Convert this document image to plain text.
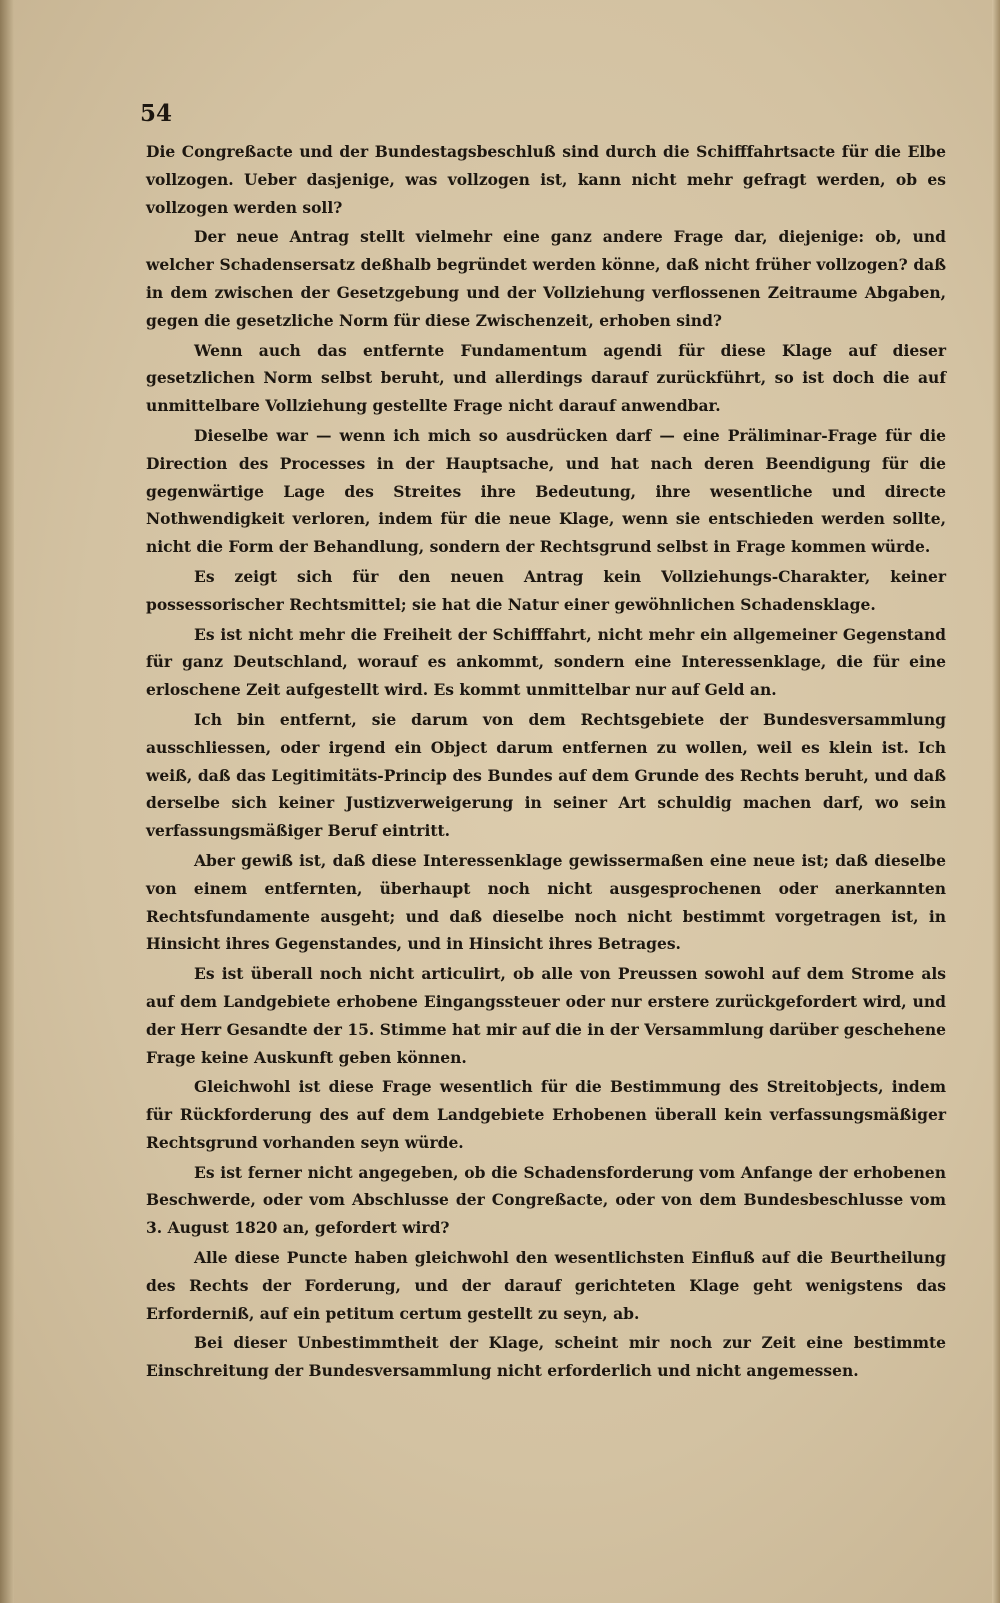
54

Die Congreßacte und der Bundestagsbeschluß sind durch die Schifffahrtsacte für die Elbe vollzogen. Ueber dasjenige, was vollzogen ist, kann nicht mehr gefragt werden, ob es vollzogen werden soll?

Der neue Antrag stellt vielmehr eine ganz andere Frage dar, diejenige: ob, und welcher Schadensersatz deßhalb begründet werden könne, daß nicht früher vollzogen? daß in dem zwischen der Gesetzgebung und der Vollziehung verflossenen Zeitraume Abgaben, gegen die gesetzliche Norm für diese Zwischenzeit, erhoben sind?

Wenn auch das entfernte Fundamentum agendi für diese Klage auf dieser gesetzlichen Norm selbst beruht, und allerdings darauf zurückführt, so ist doch die auf unmittelbare Vollziehung gestellte Frage nicht darauf anwendbar.

Dieselbe war — wenn ich mich so ausdrücken darf — eine Präliminar-Frage für die Direction des Processes in der Hauptsache, und hat nach deren Beendigung für die gegenwärtige Lage des Streites ihre Bedeutung, ihre wesentliche und directe Nothwendigkeit verloren, indem für die neue Klage, wenn sie entschieden werden sollte, nicht die Form der Behandlung, sondern der Rechtsgrund selbst in Frage kommen würde.

Es zeigt sich für den neuen Antrag kein Vollziehungs-Charakter, keiner possessorischer Rechtsmittel; sie hat die Natur einer gewöhnlichen Schadensklage.

Es ist nicht mehr die Freiheit der Schifffahrt, nicht mehr ein allgemeiner Gegenstand für ganz Deutschland, worauf es ankommt, sondern eine Interessenklage, die für eine erloschene Zeit aufgestellt wird. Es kommt unmittelbar nur auf Geld an.

Ich bin entfernt, sie darum von dem Rechtsgebiete der Bundesversammlung ausschliessen, oder irgend ein Object darum entfernen zu wollen, weil es klein ist. Ich weiß, daß das Legitimitäts-Princip des Bundes auf dem Grunde des Rechts beruht, und daß derselbe sich keiner Justizverweigerung in seiner Art schuldig machen darf, wo sein verfassungsmäßiger Beruf eintritt.

Aber gewiß ist, daß diese Interessenklage gewissermaßen eine neue ist; daß dieselbe von einem entfernten, überhaupt noch nicht ausgesprochenen oder anerkannten Rechtsfundamente ausgeht; und daß dieselbe noch nicht bestimmt vorgetragen ist, in Hinsicht ihres Gegenstandes, und in Hinsicht ihres Betrages.

Es ist überall noch nicht articulirt, ob alle von Preussen sowohl auf dem Strome als auf dem Landgebiete erhobene Eingangssteuer oder nur erstere zurückgefordert wird, und der Herr Gesandte der 15. Stimme hat mir auf die in der Versammlung darüber geschehene Frage keine Auskunft geben können.

Gleichwohl ist diese Frage wesentlich für die Bestimmung des Streitobjects, indem für Rückforderung des auf dem Landgebiete Erhobenen überall kein verfassungsmäßiger Rechtsgrund vorhanden seyn würde.

Es ist ferner nicht angegeben, ob die Schadensforderung vom Anfange der erhobenen Beschwerde, oder vom Abschlusse der Congreßacte, oder von dem Bundesbeschlusse vom 3. August 1820 an, gefordert wird?

Alle diese Puncte haben gleichwohl den wesentlichsten Einfluß auf die Beurtheilung des Rechts der Forderung, und der darauf gerichteten Klage geht wenigstens das Erforderniß, auf ein petitum certum gestellt zu seyn, ab.

Bei dieser Unbestimmtheit der Klage, scheint mir noch zur Zeit eine bestimmte Einschreitung der Bundesversammlung nicht erforderlich und nicht angemessen.
